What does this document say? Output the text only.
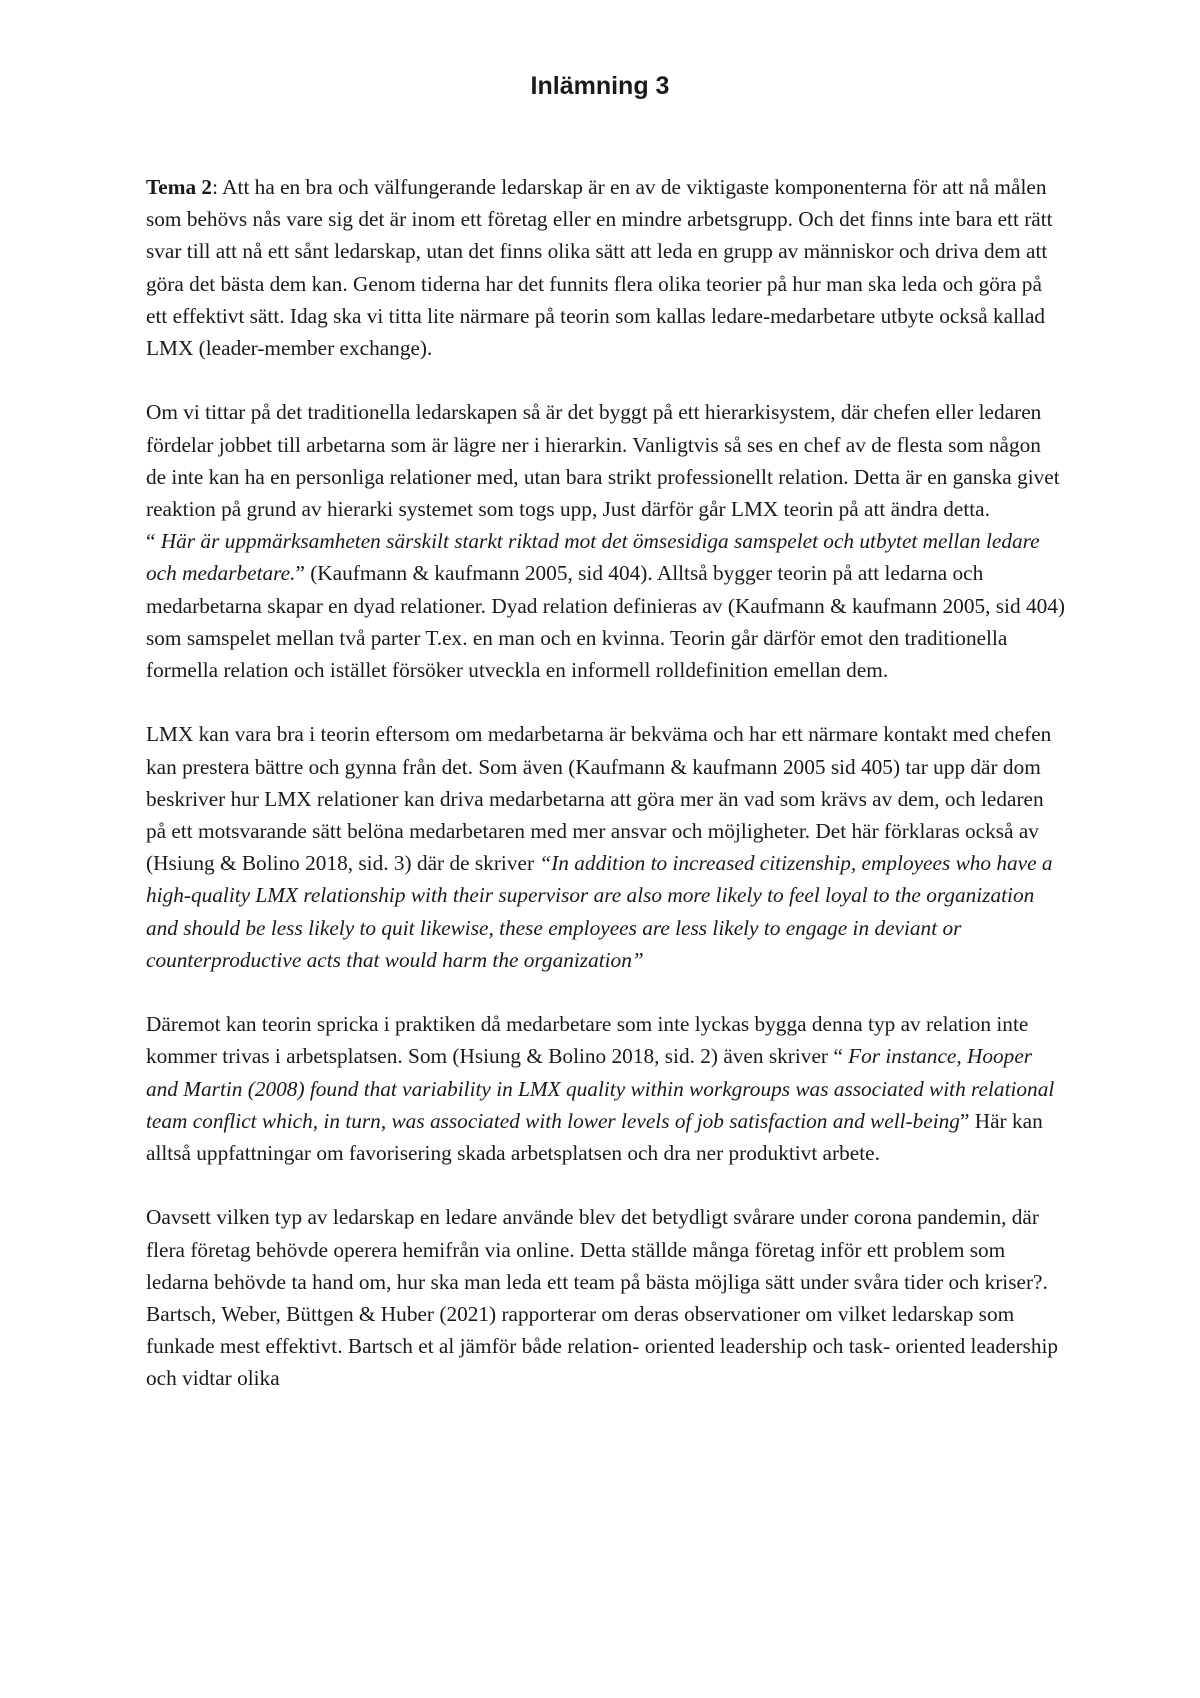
Inlämning 3

Tema 2: Att ha en bra och välfungerande ledarskap är en av de viktigaste komponenterna för att nå målen som behövs nås vare sig det är inom ett företag eller en mindre arbetsgrupp. Och det finns inte bara ett rätt svar till att nå ett sånt ledarskap, utan det finns olika sätt att leda en grupp av människor och driva dem att göra det bästa dem kan. Genom tiderna har det funnits flera olika teorier på hur man ska leda och göra på ett effektivt sätt. Idag ska vi titta lite närmare på teorin som kallas ledare-medarbetare utbyte också kallad LMX (leader-member exchange).

Om vi tittar på det traditionella ledarskapen så är det byggt på ett hierarkisystem, där chefen eller ledaren fördelar jobbet till arbetarna som är lägre ner i hierarkin. Vanligtvis så ses en chef av de flesta som någon de inte kan ha en personliga relationer med, utan bara strikt professionellt relation. Detta är en ganska givet reaktion på grund av hierarki systemet som togs upp, Just därför går LMX teorin på att ändra detta.

“ Här är uppmärksamheten särskilt starkt riktad mot det ömsesidiga samspelet och utbytet mellan ledare och medarbetare.” (Kaufmann & kaufmann 2005, sid 404). Alltså bygger teorin på att ledarna och medarbetarna skapar en dyad relationer. Dyad relation definieras av (Kaufmann & kaufmann 2005, sid 404) som samspelet mellan två parter T.ex. en man och en kvinna. Teorin går därför emot den traditionella formella relation och istället försöker utveckla en informell rolldefinition emellan dem.

LMX kan vara bra i teorin eftersom om medarbetarna är bekväma och har ett närmare kontakt med chefen kan prestera bättre och gynna från det. Som även (Kaufmann & kaufmann 2005 sid 405) tar upp där dom beskriver hur LMX relationer kan driva medarbetarna att göra mer än vad som krävs av dem, och ledaren på ett motsvarande sätt belöna medarbetaren med mer ansvar och möjligheter. Det här förklaras också av (Hsiung & Bolino 2018, sid. 3) där de skriver “In addition to increased citizenship, employees who have a high-quality LMX relationship with their supervisor are also more likely to feel loyal to the organization and should be less likely to quit likewise, these employees are less likely to engage in deviant or counterproductive acts that would harm the organization”

Däremot kan teorin spricka i praktiken då medarbetare som inte lyckas bygga denna typ av relation inte kommer trivas i arbetsplatsen. Som (Hsiung & Bolino 2018, sid. 2) även skriver “ For instance, Hooper and Martin (2008) found that variability in LMX quality within workgroups was associated with relational team conflict which, in turn, was associated with lower levels of job satisfaction and well-being” Här kan alltså uppfattningar om favorisering skada arbetsplatsen och dra ner produktivt arbete.

Oavsett vilken typ av ledarskap en ledare använde blev det betydligt svårare under corona pandemin, där flera företag behövde operera hemifrån via online. Detta ställde många företag inför ett problem som ledarna behövde ta hand om, hur ska man leda ett team på bästa möjliga sätt under svåra tider och kriser?. Bartsch, Weber, Büttgen & Huber (2021) rapporterar om deras observationer om vilket ledarskap som funkade mest effektivt. Bartsch et al jämför både relation- oriented leadership och task- oriented leadership och vidtar olika
